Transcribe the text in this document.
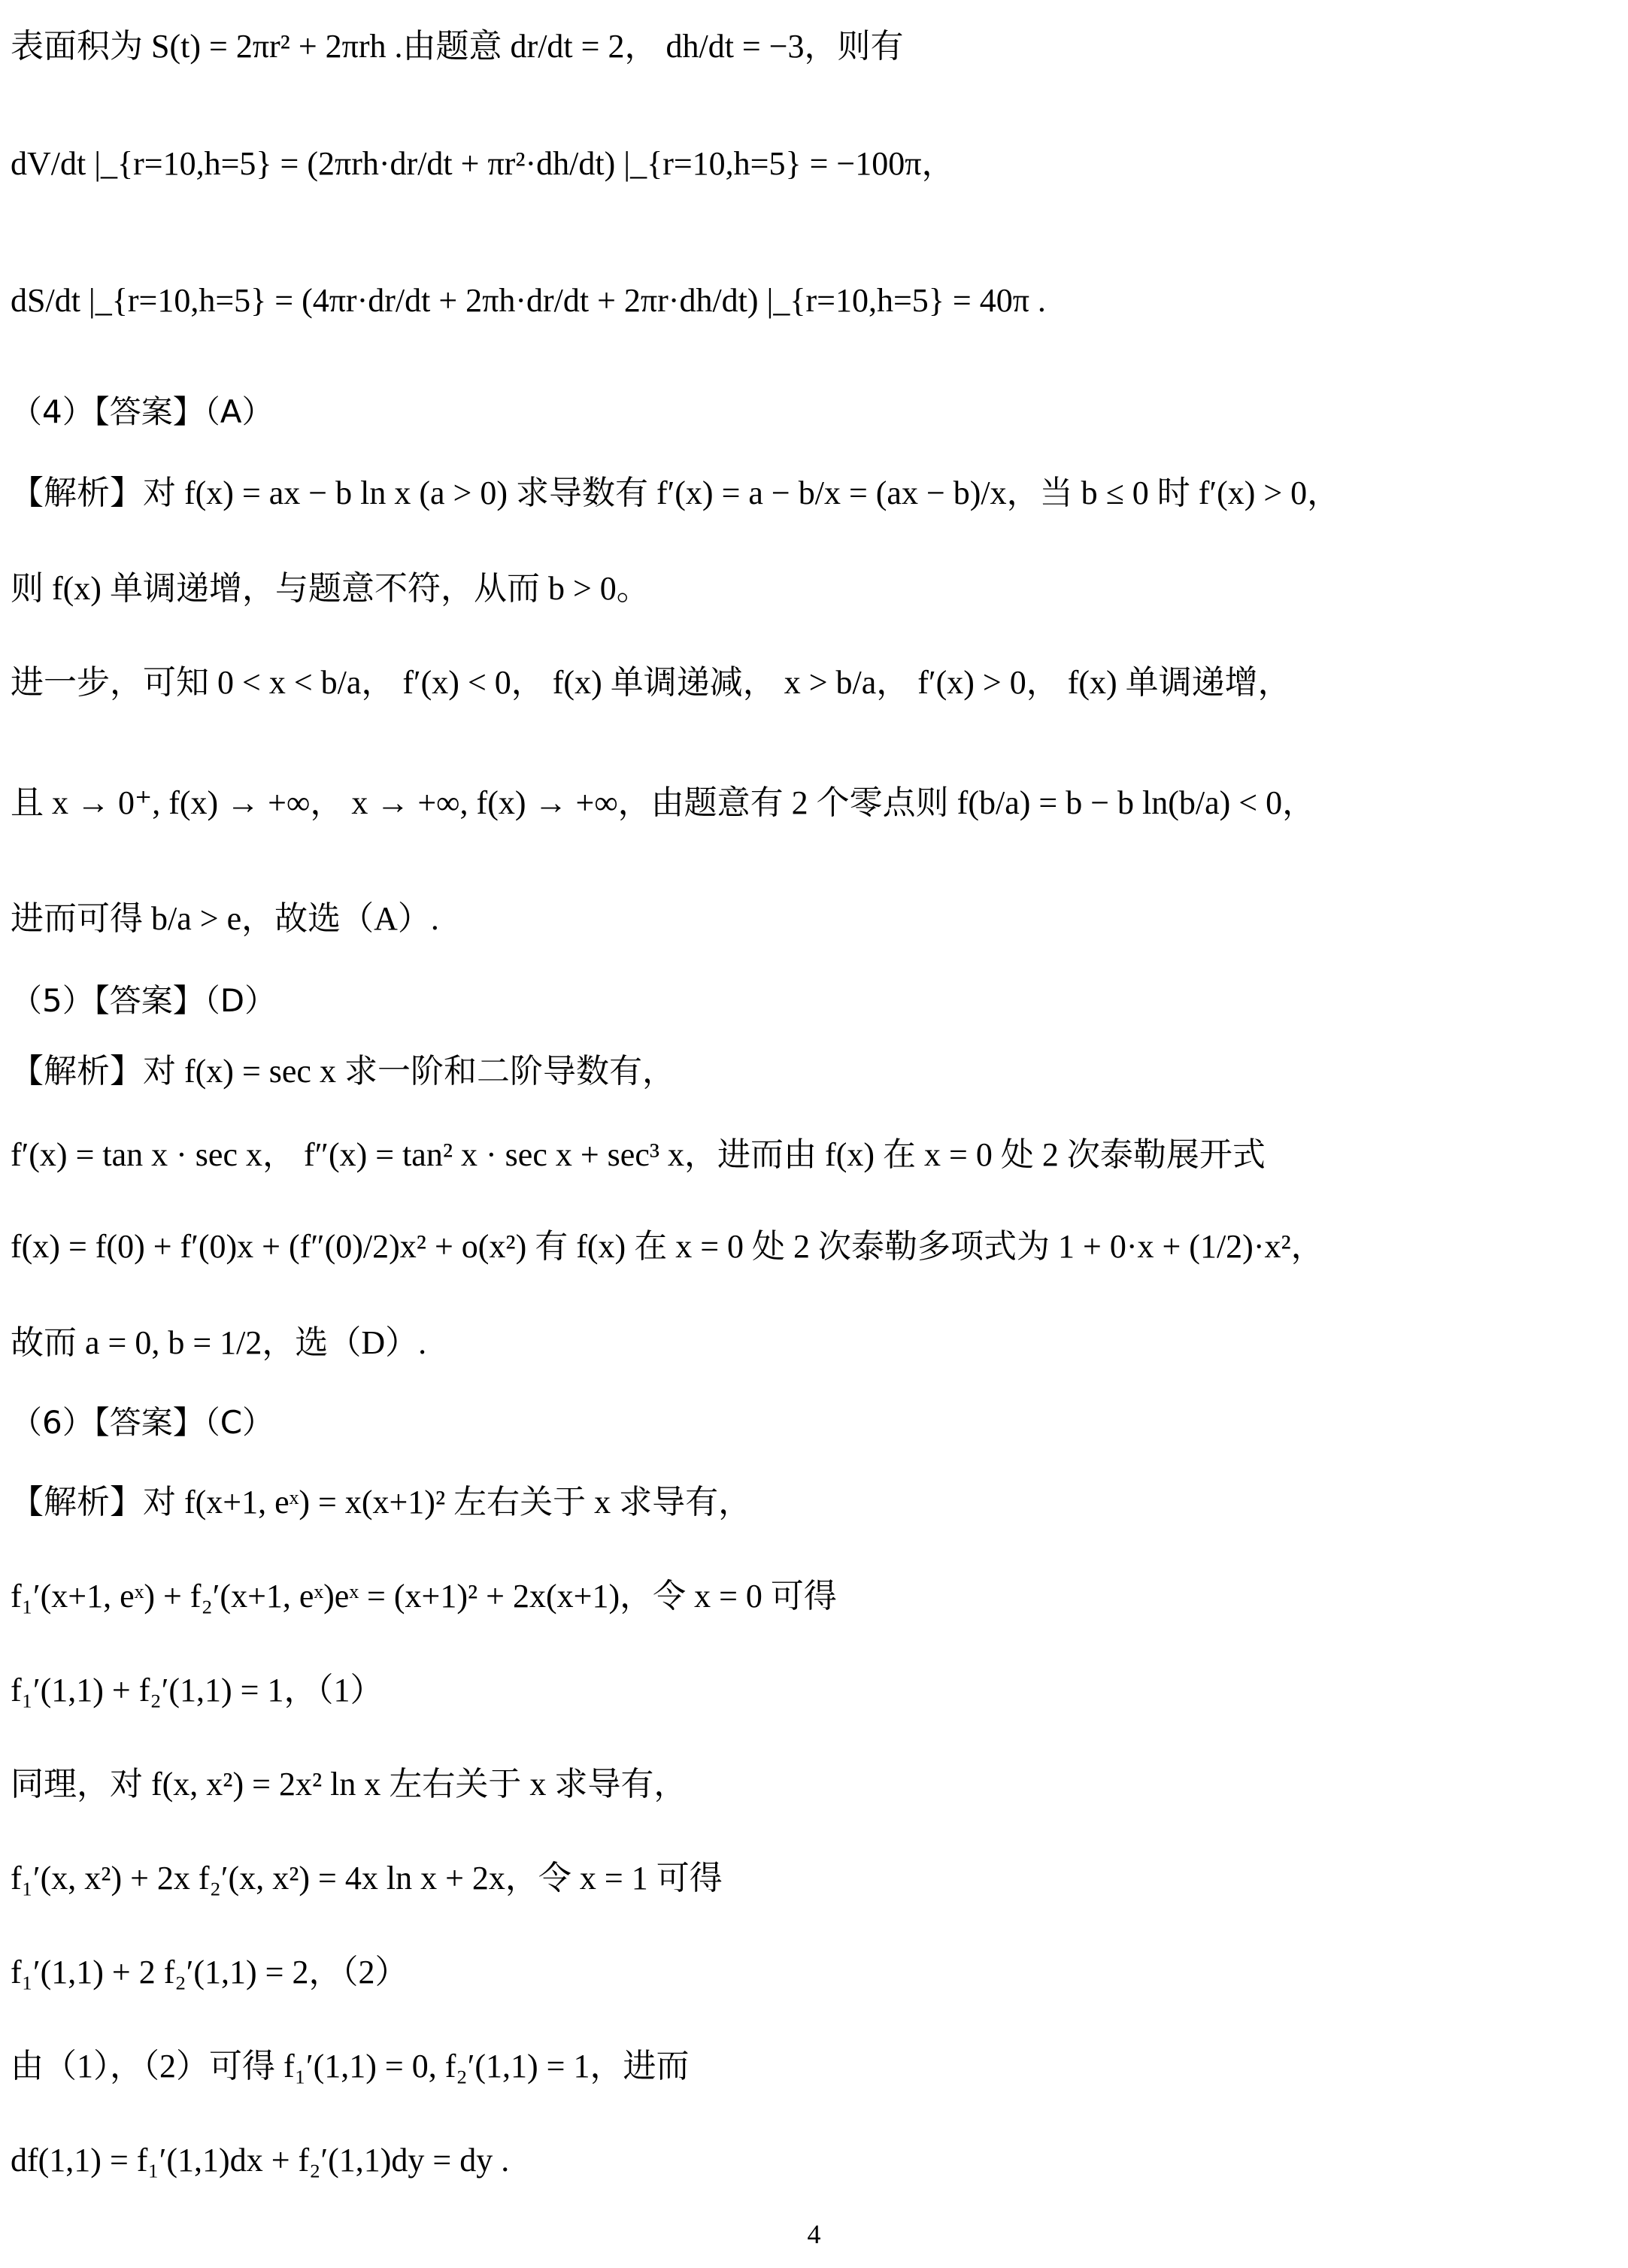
表面积为 S(t) = 2πr² + 2πrh .由题意 dr/dt = 2， dh/dt = −3，则有
dV/dt |_{r=10,h=5} = (2πrh·dr/dt + πr²·dh/dt) |_{r=10,h=5} = −100π，
dS/dt |_{r=10,h=5} = (4πr·dr/dt + 2πh·dr/dt + 2πr·dh/dt) |_{r=10,h=5} = 40π .
（4）【答案】（A）
【解析】对 f(x) = ax − b ln x (a > 0) 求导数有 f′(x) = a − b/x = (ax − b)/x，当 b ≤ 0 时 f′(x) > 0，
则 f(x) 单调递增，与题意不符，从而 b > 0。
进一步，可知 0 < x < b/a， f′(x) < 0， f(x) 单调递减， x > b/a， f′(x) > 0， f(x) 单调递增，
且 x → 0⁺, f(x) → +∞， x → +∞, f(x) → +∞，由题意有 2 个零点则 f(b/a) = b − b ln(b/a) < 0，
进而可得 b/a > e，故选（A）.
（5）【答案】（D）
【解析】对 f(x) = sec x 求一阶和二阶导数有，
f′(x) = tan x · sec x， f″(x) = tan² x · sec x + sec³ x，进而由 f(x) 在 x = 0 处 2 次泰勒展开式
f(x) = f(0) + f′(0)x + (f″(0)/2)x² + o(x²) 有 f(x) 在 x = 0 处 2 次泰勒多项式为 1 + 0·x + (1/2)·x²，
故而 a = 0, b = 1/2，选（D）.
（6）【答案】（C）
【解析】对 f(x+1, eˣ) = x(x+1)² 左右关于 x 求导有，
f₁′(x+1, eˣ) + f₂′(x+1, eˣ)eˣ = (x+1)² + 2x(x+1)，令 x = 0 可得
f₁′(1,1) + f₂′(1,1) = 1，（1）
同理，对 f(x, x²) = 2x² ln x 左右关于 x 求导有，
f₁′(x, x²) + 2x f₂′(x, x²) = 4x ln x + 2x，令 x = 1 可得
f₁′(1,1) + 2 f₂′(1,1) = 2，（2）
由（1），（2）可得 f₁′(1,1) = 0, f₂′(1,1) = 1，进而
df(1,1) = f₁′(1,1)dx + f₂′(1,1)dy = dy .
4
